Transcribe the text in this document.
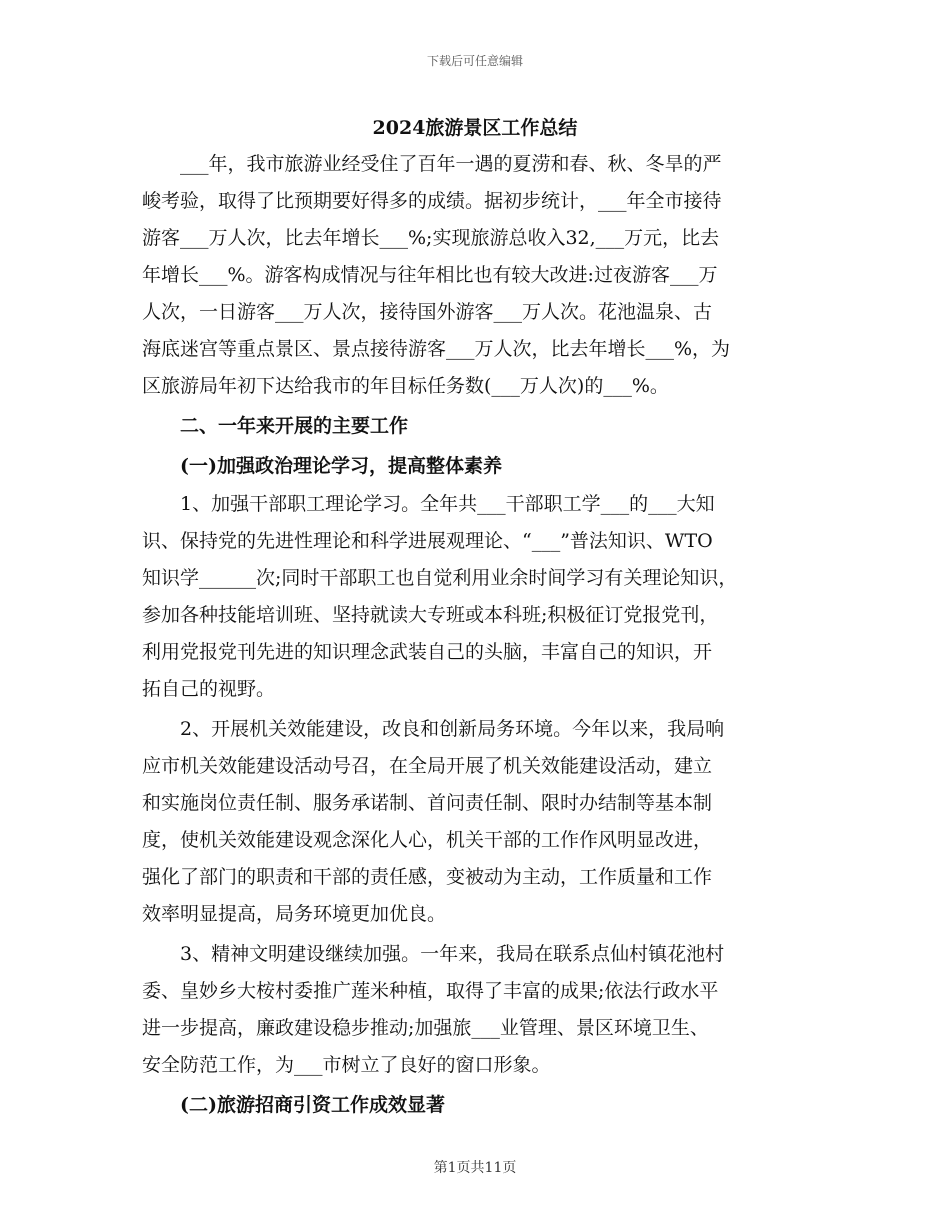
下载后可任意编辑
2024旅游景区工作总结
___年，我市旅游业经受住了百年一遇的夏涝和春、秋、冬旱的严
峻考验，取得了比预期要好得多的成绩。据初步统计，___年全市接待
游客___万人次，比去年增长___%;实现旅游总收入32,___万元，比去
年增长___%。游客构成情况与往年相比也有较大改进:过夜游客___万
人次，一日游客___万人次，接待国外游客___万人次。花池温泉、古
海底迷宫等重点景区、景点接待游客___万人次，比去年增长___%，为
区旅游局年初下达给我市的年目标任务数(___万人次)的___%。
二、一年来开展的主要工作
(一)加强政治理论学习，提高整体素养
1、加强干部职工理论学习。全年共___干部职工学___的___大知
识、保持党的先进性理论和科学进展观理论、“___”普法知识、WTO
知识学______次;同时干部职工也自觉利用业余时间学习有关理论知识，
参加各种技能培训班、坚持就读大专班或本科班;积极征订党报党刊，
利用党报党刊先进的知识理念武装自己的头脑，丰富自己的知识，开
拓自己的视野。
2、开展机关效能建设，改良和创新局务环境。今年以来，我局响
应市机关效能建设活动号召，在全局开展了机关效能建设活动，建立
和实施岗位责任制、服务承诺制、首问责任制、限时办结制等基本制
度，使机关效能建设观念深化人心，机关干部的工作作风明显改进，
强化了部门的职责和干部的责任感，变被动为主动，工作质量和工作
效率明显提高，局务环境更加优良。
3、精神文明建设继续加强。一年来，我局在联系点仙村镇花池村
委、皇妙乡大桉村委推广莲米种植，取得了丰富的成果;依法行政水平
进一步提高，廉政建设稳步推动;加强旅___业管理、景区环境卫生、
安全防范工作，为___市树立了良好的窗口形象。
(二)旅游招商引资工作成效显著
第1页共11页
